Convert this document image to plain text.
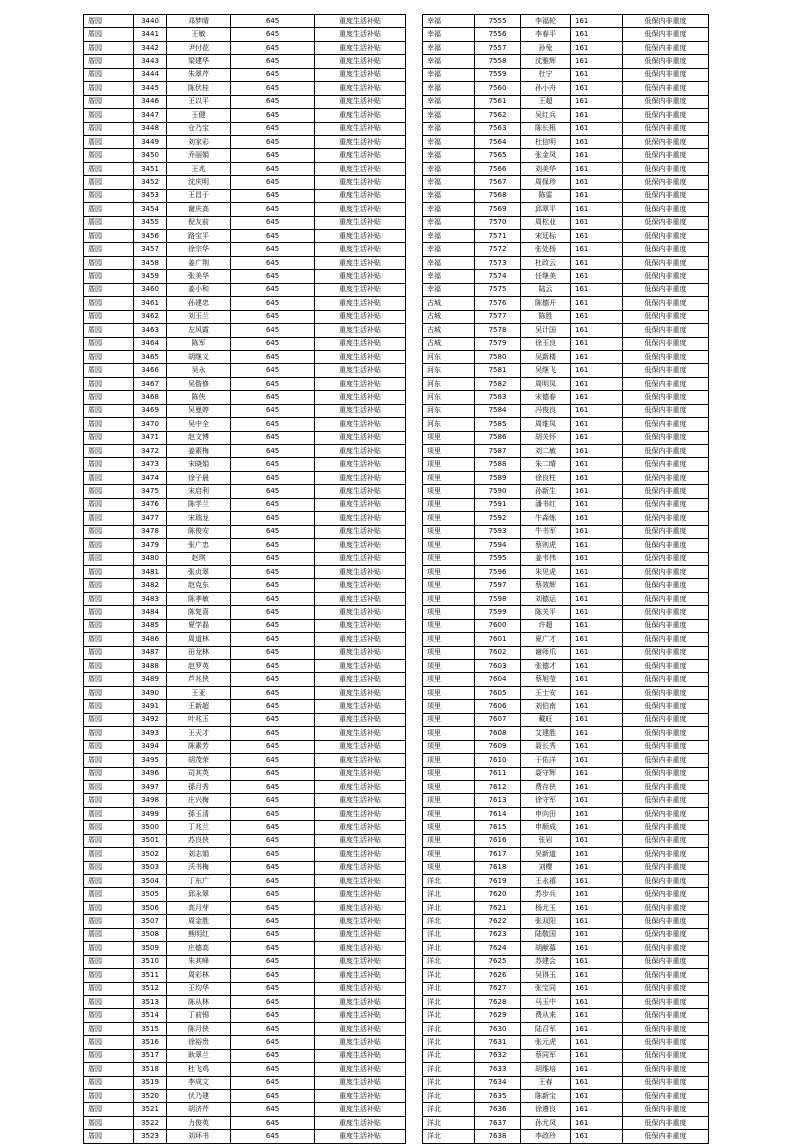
厝园	3440	邓梦晴	645	重度生活补贴
厝园	3441	王敏	645	重度生活补贴
厝园	3442	尹付花	645	重度生活补贴
厝园	3443	梁建华	645	重度生活补贴
厝园	3444	朱翠芹	645	重度生活补贴
厝园	3445	陈伏桂	645	重度生活补贴
厝园	3446	王以平	645	重度生活补贴
厝园	3447	王健	645	重度生活补贴
厝园	3448	仓乃宝	645	重度生活补贴
厝园	3449	刘家彩	645	重度生活补贴
厝园	3450	乔丽娟	645	重度生活补贴
厝园	3451	王兆	645	重度生活补贴
厝园	3452	沈庆明	645	重度生活补贴
厝园	3453	王昌于	645	重度生活补贴
厝园	3454	谢庆高	645	重度生活补贴
厝园	3455	倪友前	645	重度生活补贴
厝园	3456	路宝平	645	重度生活补贴
厝园	3457	徐宗华	645	重度生活补贴
厝园	3458	姜广荆	645	重度生活补贴
厝园	3459	张美华	645	重度生活补贴
厝园	3460	姜小和	645	重度生活补贴
厝园	3461	孙建忠	645	重度生活补贴
厝园	3462	刘玉兰	645	重度生活补贴
厝园	3463	左风霞	645	重度生活补贴
厝园	3464	陈军	645	重度生活补贴
厝园	3465	胡继义	645	重度生活补贴
厝园	3466	吴永	645	重度生活补贴
厝园	3467	吴偕修	645	重度生活补贴
厝园	3468	陈侠	645	重度生活补贴
厝园	3469	吴曼婷	645	重度生活补贴
厝园	3470	吴中全	645	重度生活补贴
厝园	3471	赵文博	645	重度生活补贴
厝园	3472	姜素梅	645	重度生活补贴
厝园	3473	宋晓娟	645	重度生活补贴
厝园	3474	徐子晨	645	重度生活补贴
厝园	3475	宋启利	645	重度生活补贴
厝园	3476	陈学兰	645	重度生活补贴
厝园	3477	宋瑞龙	645	重度生活补贴
厝园	3478	陈俊安	645	重度生活补贴
厝园	3479	张广忠	645	重度生活补贴
厝园	3480	赵琪	645	重度生活补贴
厝园	3481	张贞翠	645	重度生活补贴
厝园	3482	赵克东	645	重度生活补贴
厝园	3483	陈孝敏	645	重度生活补贴
厝园	3484	陈复喜	645	重度生活补贴
厝园	3485	夏学磊	645	重度生活补贴
厝园	3486	周道林	645	重度生活补贴
厝园	3487	田龙林	645	重度生活补贴
厝园	3488	赵罗英	645	重度生活补贴
厝园	3489	芦兆侠	645	重度生活补贴
厝园	3490	王亚	645	重度生活补贴
厝园	3491	王新超	645	重度生活补贴
厝园	3492	叶兆玉	645	重度生活补贴
厝园	3493	王天才	645	重度生活补贴
厝园	3494	陈素芳	645	重度生活补贴
厝园	3495	胡茂荣	645	重度生活补贴
厝园	3496	司其英	645	重度生活补贴
厝园	3497	孫月秀	645	重度生活补贴
厝园	3498	庄兴梅	645	重度生活补贴
厝园	3499	孫玉清	645	重度生活补贴
厝园	3500	丁兆兰	645	重度生活补贴
厝园	3501	苏良侠	645	重度生活补贴
厝园	3502	刘志娟	645	重度生活补贴
厝园	3503	沃书梅	645	重度生活补贴
厝园	3504	丁东广	645	重度生活补贴
厝园	3505	邱永翠	645	重度生活补贴
厝园	3506	高月芽	645	重度生活补贴
厝园	3507	周金胜	645	重度生活补贴
厝园	3508	熊明红	645	重度生活补贴
厝园	3509	庄德高	645	重度生活补贴
厝园	3510	朱其峰	645	重度生活补贴
厝园	3511	周彩林	645	重度生活补贴
厝园	3512	王均华	645	重度生活补贴
厝园	3513	陈从林	645	重度生活补贴
厝园	3514	丁前锡	645	重度生活补贴
厝园	3515	陈月侠	645	重度生活补贴
厝园	3516	徐裕贵	645	重度生活补贴
厝园	3517	耿翠兰	645	重度生活补贴
厝园	3518	杜飞鸡	645	重度生活补贴
厝园	3519	李成文	645	重度生活补贴
厝园	3520	伏乃建	645	重度生活补贴
厝园	3521	胡济芹	645	重度生活补贴
厝园	3522	力俊英	645	重度生活补贴
厝园	3523	刘环书	645	重度生活补贴
幸福	7555	李福轮	161	低保内非重度
幸福	7556	李春平	161	低保内非重度
幸福	7557	孙兔	161	低保内非重度
幸福	7558	沈雅辉	161	低保内非重度
幸福	7559	杜宁	161	低保内非重度
幸福	7560	孙小舟	161	低保内非重度
幸福	7561	王超	161	低保内非重度
幸福	7562	吴红兵	161	低保内非重度
幸福	7563	陈长根	161	低保内非重度
幸福	7564	杜信明	161	低保内非重度
幸福	7565	张金凤	161	低保内非重度
幸福	7566	刘美华	161	低保内非重度
幸福	7567	周保珍	161	低保内非重度
幸福	7568	陈雷	161	低保内非重度
幸福	7569	邱翠平	161	低保内非重度
幸福	7570	周松业	161	低保内非重度
幸福	7571	宋廷标	161	低保内非重度
幸福	7572	张处杨	161	低保内非重度
幸福	7573	杜政云	161	低保内非重度
幸福	7574	任继美	161	低保内非重度
幸福	7575	陆云	161	低保内非重度
古城	7576	陈德开	161	低保内非重度
古城	7577	陈胜	161	低保内非重度
古城	7578	吴计国	161	低保内非重度
古城	7579	徐玉良	161	低保内非重度
河东	7580	吴新楼	161	低保内非重度
河东	7581	吴继飞	161	低保内非重度
河东	7582	周明凤	161	低保内非重度
河东	7583	宋德春	161	低保内非重度
河东	7584	冯俊良	161	低保内非重度
河东	7585	周维凤	161	低保内非重度
项里	7586	胡关怀	161	低保内非重度
项里	7587	刘二敏	161	低保内非重度
项里	7588	朱二晴	161	低保内非重度
项里	7589	徐良柱	161	低保内非重度
项里	7590	孙新生	161	低保内非重度
项里	7591	潘书红	161	低保内非重度
项里	7592	牛森炼	161	低保内非重度
项里	7593	牛书军	161	低保内非重度
项里	7594	蔡则虎	161	低保内非重度
项里	7595	姜韦伟	161	低保内非重度
项里	7596	朱见虎	161	低保内非重度
项里	7597	蔡效辉	161	低保内非重度
项里	7598	刘德运	161	低保内非重度
项里	7599	陈关平	161	低保内非重度
项里	7600	许超	161	低保内非重度
项里	7601	夏广才	161	低保内非重度
项里	7602	谢师爪	161	低保内非重度
项里	7603	张德才	161	低保内非重度
项里	7604	蔡旭莹	161	低保内非重度
项里	7605	王士安	161	低保内非重度
项里	7606	刘伯南	161	低保内非重度
项里	7607	戴旺	161	低保内非重度
项里	7608	艾建胜	161	低保内非重度
项里	7609	聂长秀	161	低保内非重度
项里	7610	于佑洋	161	低保内非重度
项里	7611	聂守辉	161	低保内非重度
项里	7612	费存侠	161	低保内非重度
项里	7613	徐守军	161	低保内非重度
项里	7614	申向田	161	低保内非重度
项里	7615	申顺成	161	低保内非重度
项里	7616	张岩	161	低保内非重度
项里	7617	吴新道	161	低保内非重度
项里	7618	刘樱	161	低保内非重度
洋北	7619	王永禧	161	低保内非重度
洋北	7620	苏步兵	161	低保内非重度
洋北	7621	杨尤玉	161	低保内非重度
洋北	7622	张双阳	161	低保内非重度
洋北	7623	陆敬国	161	低保内非重度
洋北	7624	胡献慕	161	低保内非重度
洋北	7625	苏建会	161	低保内非重度
洋北	7626	吴得玉	161	低保内非重度
洋北	7627	张宝同	161	低保内非重度
洋北	7628	马玉中	161	低保内非重度
洋北	7629	费从来	161	低保内非重度
洋北	7630	陆召军	161	低保内非重度
洋北	7631	张元虎	161	低保内非重度
洋北	7632	蔡同军	161	低保内非重度
洋北	7633	胡维培	161	低保内非重度
洋北	7634	王春	161	低保内非重度
洋北	7635	陈新宝	161	低保内非重度
洋北	7636	徐遵良	161	低保内非重度
洋北	7637	孙尤凤	161	低保内非重度
洋北	7638	李政玲	161	低保内非重度
